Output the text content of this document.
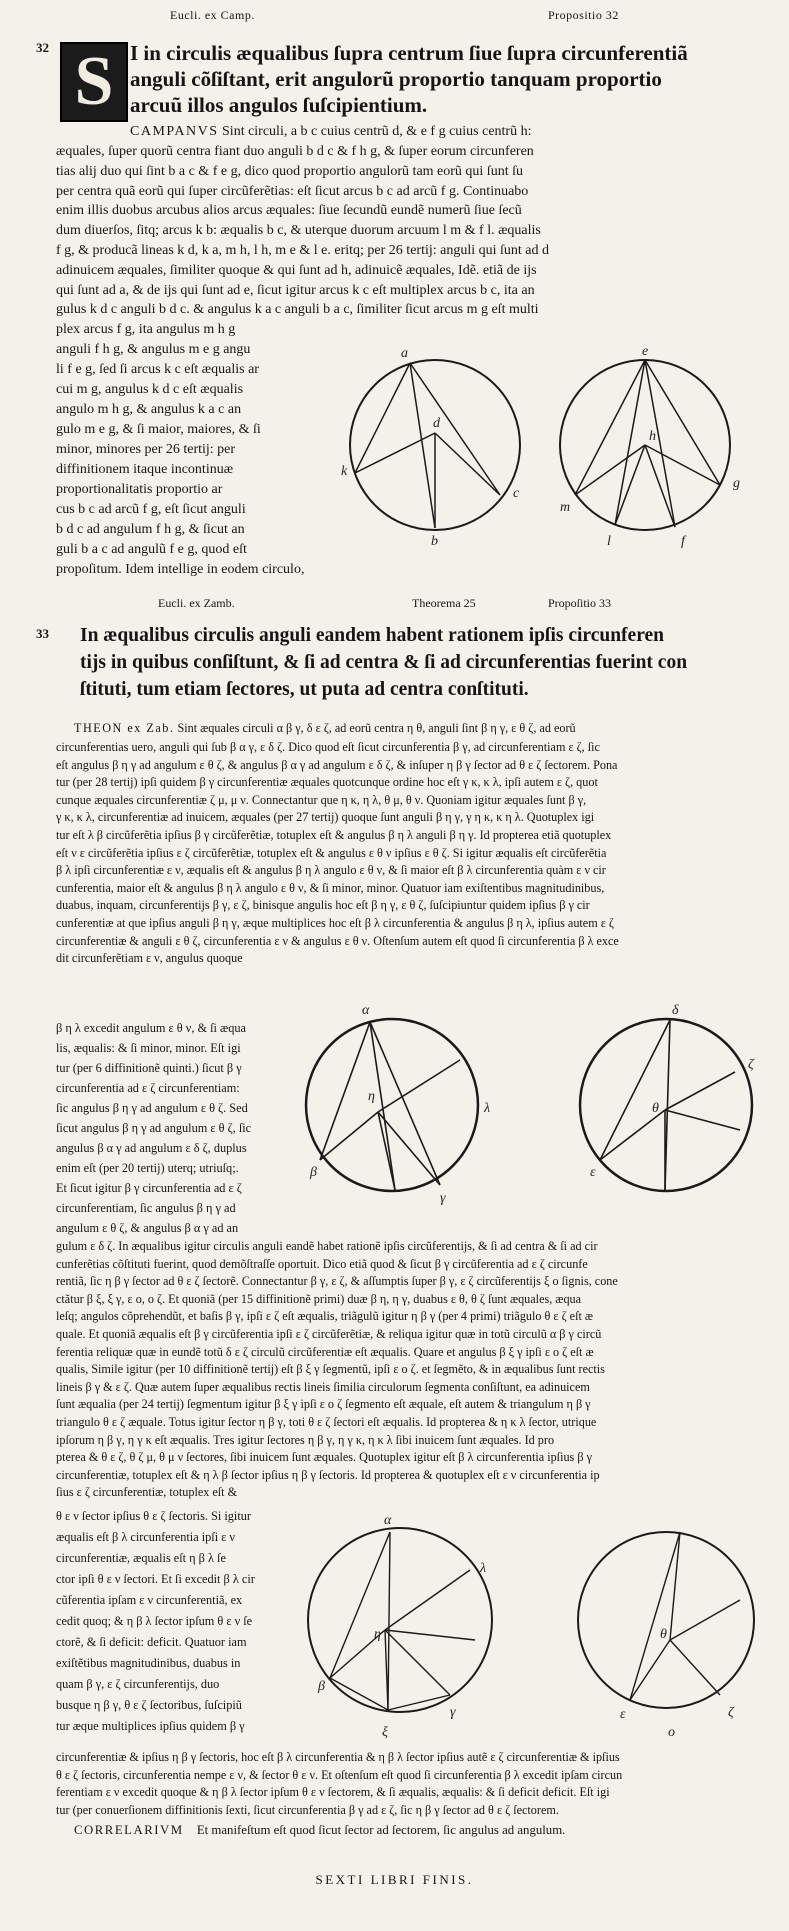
Eucli. ex Camp.	Propositio 32
32 S I in circulis æqualibus ſupra centrum ſiue ſupra circunferentiã
anguli cõſiſtant, erit angulorũ proportio tanquam proportio
arcuũ illos angulos ſuſcipientium.
CAMPANVS Sint circuli, a b c cuius centrũ d, & e f g cuius centrũ h:
æquales, ſuper quorũ centra fiant duo anguli b d c & f h g, & ſuper eorum circunferen
tias alij duo qui ſint b a c & f e g, dico quod proportio angulorũ tam eorũ qui ſunt ſu
per centra quã eorũ qui ſuper circũferẽtias: eſt ſicut arcus b c ad arcũ f g. Continuabo
enim illis duobus arcubus alios arcus æquales: ſiue ſecundũ eundẽ numerũ ſiue ſecũ
dum diuerſos, ſitq; arcus k b: æqualis b c, & uterque duorum arcuum l m & f l. æqualis
f g, & producã lineas k d, k a, m h, l h, m e & l e. eritq; per 26 tertij: anguli qui ſunt ad d
adinuicem æquales, ſimiliter quoque & qui ſunt ad h, adinuicẽ æquales, Idẽ. etiã de ijs
qui ſunt ad a, & de ijs qui ſunt ad e, ſicut igitur arcus k c eſt multiplex arcus b c, ita an
gulus k d c anguli b d c. & angulus k a c anguli b a c, ſimiliter ſicut arcus m g eſt multi
plex arcus f g, ita angulus m h g
anguli f h g, & angulus m e g angu
li f e g, ſed ſi arcus k c eſt æqualis ar
cui m g, angulus k d c eſt æqualis
angulo m h g, & angulus k a c an
gulo m e g, & ſi maior, maiores, & ſi
minor, minores per 26 tertij: per
diffinitionem itaque incontinuæ
proportionalitatis proportio ar
cus b c ad arcũ f g, eſt ſicut anguli
b d c ad angulum f h g, & ſicut an
guli b a c ad angulũ f e g, quod eſt
propoſitum. Idem intellige in eodem circulo,
a
d
k
b
c
e
h
m
l	f
g
Eucli. ex Zamb.	Theorema 25	Propoſitio 33
33 In æqualibus circulis anguli eandem habent rationem ipſis circunferen
tijs in quibus conſiſtunt, & ſi ad centra & ſi ad circunferentias fuerint con
ſtituti, tum etiam ſectores, ut puta ad centra conſtituti.
THEON ex Zab. Sint æquales circuli α β γ, δ ε ζ, ad eorũ centra η θ, anguli ſint β η γ, ε θ ζ, ad eorũ
circunferentias uero, anguli qui ſub β α γ, ε δ ζ. Dico quod eſt ſicut circunferentia β γ, ad circunferentiam ε ζ, ſic
eſt angulus β η γ ad angulum ε θ ζ, & angulus β α γ ad angulum ε δ ζ, & inſuper η β γ ſector ad θ ε ζ ſectorem. Pona
tur (per 28 tertij) ipſi quidem β γ circunferentiæ æquales quotcunque ordine hoc eſt γ κ, κ λ, ipſi autem ε ζ, quot
cunque æquales circunferentiæ ζ μ, μ ν. Connectantur que η κ, η λ, θ μ, θ ν. Quoniam igitur æquales ſunt β γ,
γ κ, κ λ, circunferentiæ ad inuicem, æquales (per 27 tertij) quoque ſunt anguli β η γ, γ η κ, κ η λ. Quotuplex igi
tur eſt λ β circũferẽtia ipſius β γ circũferẽtiæ, totuplex eſt & angulus β η λ anguli β η γ. Id propterea etiã quotuplex
eſt ν ε circũferẽtia ipſius ε ζ circũferẽtiæ, totuplex eſt & angulus ε θ ν ipſius ε θ ζ. Si igitur æqualis eſt circũferẽtia
β λ ipſi circunferentiæ ε ν, æqualis eſt & angulus β η λ angulo ε θ ν, & ſi maior eſt β λ circunferentia quàm ε ν cir
cunferentia, maior eſt & angulus β η λ angulo ε θ ν, & ſi minor, minor. Quatuor iam exiſtentibus magnitudinibus,
duabus, inquam, circunferentijs β γ, ε ζ, binisque angulis hoc eſt β η γ, ε θ ζ, ſuſcipiuntur quidem ipſius β γ cir
cunferentiæ at que ipſius anguli β η γ, æque multiplices hoc eſt β λ circunferentia & angulus β η λ, ipſius autem ε ζ
circunferentiæ & anguli ε θ ζ, circunferentia ε ν & angulus ε θ ν. Oſtenſum autem eſt quod ſi circunferentia β λ exce
dit circunferẽtiam ε ν, angulus quoque
β η λ excedit angulum ε θ ν, & ſi æqua
lis, æqualis: & ſi minor, minor. Eſt igi
tur (per 6 diffinitionẽ quinti.) ſicut β γ
circunferentia ad ε ζ circunferentiam:
ſic angulus β η γ ad angulum ε θ ζ. Sed
ſicut angulus β η γ ad angulum ε θ ζ, ſic
angulus β α γ ad angulum ε δ ζ, duplus
enim eſt (per 20 tertij) uterq; utriuſq;.
Et ſicut igitur β γ circunferentia ad ε ζ
circunferentiam, ſic angulus β η γ ad
angulum ε θ ζ, & angulus β α γ ad an
α
η
λ
β
γ
δ
θ
ζ
ε
gulum ε δ ζ. In æqualibus igitur circulis anguli eandẽ habet rationẽ ipſis circũferentijs, & ſi ad centra & ſi ad cir
cunferẽtias cõſtituti fuerint, quod demõſtraſſe oportuit. Dico etiã quod & ſicut β γ circũferentia ad ε ζ circunfe
rentiã, ſic η β γ ſector ad θ ε ζ ſectorẽ. Connectantur β γ, ε ζ, & aſſumptis ſuper β γ, ε ζ circũferentijs ξ ο ſignis, cone
ctãtur β ξ, ξ γ, ε ο, ο ζ. Et quoniã (per 15 diffinitionẽ primi) duæ β η, η γ, duabus ε θ, θ ζ ſunt æquales, æqua
leſq; angulos cõprehendũt, et baſis β γ, ipſi ε ζ eſt æqualis, triãgulũ igitur η β γ (per 4 primi) triãgulo θ ε ζ eſt æ
quale. Et quoniã æqualis eſt β γ circũferentia ipſi ε ζ circũferẽtiæ, & reliqua igitur quæ in totũ circulũ α β γ circũ
ferentia reliquæ quæ in eundẽ totũ δ ε ζ circulũ circũferentiæ eſt æqualis. Quare et angulus β ξ γ ipſi ε ο ζ eſt æ
qualis, Simile igitur (per 10 diffinitionẽ tertij) eſt β ξ γ ſegmentũ, ipſi ε ο ζ. et ſegmẽto, & in æqualibus ſunt rectis
lineis β γ & ε ζ. Quæ autem ſuper æqualibus rectis lineis ſimilia circulorum ſegmenta conſiſtunt, ea adinuicem
ſunt æqualia (per 24 tertij) ſegmentum igitur β ξ γ ipſi ε ο ζ ſegmento eſt æquale, eſt autem & triangulum η β γ
triangulo θ ε ζ æquale. Totus igitur ſector η β γ, toti θ ε ζ ſectori eſt æqualis. Id propterea & η κ λ ſector, utrique
ipſorum η β γ, η γ κ eſt æqualis. Tres igitur ſectores η β γ, η γ κ, η κ λ ſibi inuicem ſunt æquales. Id pro
pterea & θ ε ζ, θ ζ μ, θ μ ν ſectores, ſibi inuicem ſunt æquales. Quotuplex igitur eſt β λ circunferentia ipſius β γ
circunferentiæ, totuplex eſt & η λ β ſector ipſius η β γ ſectoris. Id propterea & quotuplex eſt ε ν circunferentia ip
ſius ε ζ circunferentiæ, totuplex eſt &
θ ε ν ſector ipſius θ ε ζ ſectoris. Si igitur
æqualis eſt β λ circunferentia ipſi ε ν
circunferentiæ, æqualis eſt η β λ ſe
ctor ipſi θ ε ν ſectori. Et ſi excedit β λ cir
cũferentia ipſam ε ν circunferentiã, ex
cedit quoq; & η β λ ſector ipſum θ ε ν ſe
ctorẽ, & ſi deficit: deficit. Quatuor iam
exiſtẽtibus magnitudinibus, duabus in
quam β γ, ε ζ circunferentijs, duo
busque η β γ, θ ε ζ ſectoribus, ſuſcipiũ
tur æque multiplices ipſius quidem β γ
α
λ
η
β
ξ
γ
θ
ε
ο
ζ
circunferentiæ & ipſius η β γ ſectoris, hoc eſt β λ circunferentia & η β λ ſector ipſius autẽ ε ζ circunferentiæ & ipſius
θ ε ζ ſectoris, circunferentia nempe ε ν, & ſector θ ε ν. Et oſtenſum eſt quod ſi circunferentia β λ excedit ipſam circun
ferentiam ε ν excedit quoque & η β λ ſector ipſum θ ε ν ſectorem, & ſi æqualis, æqualis: & ſi deficit deficit. Eſt igi
tur (per conuerſionem diffinitionis ſexti, ſicut circunferentia β γ ad ε ζ, ſic η β γ ſector ad θ ε ζ ſectorem.
CORRELARIVM Et manifeſtum eſt quod ſicut ſector ad ſectorem, ſic angulus ad angulum.
SEXTI LIBRI FINIS.
